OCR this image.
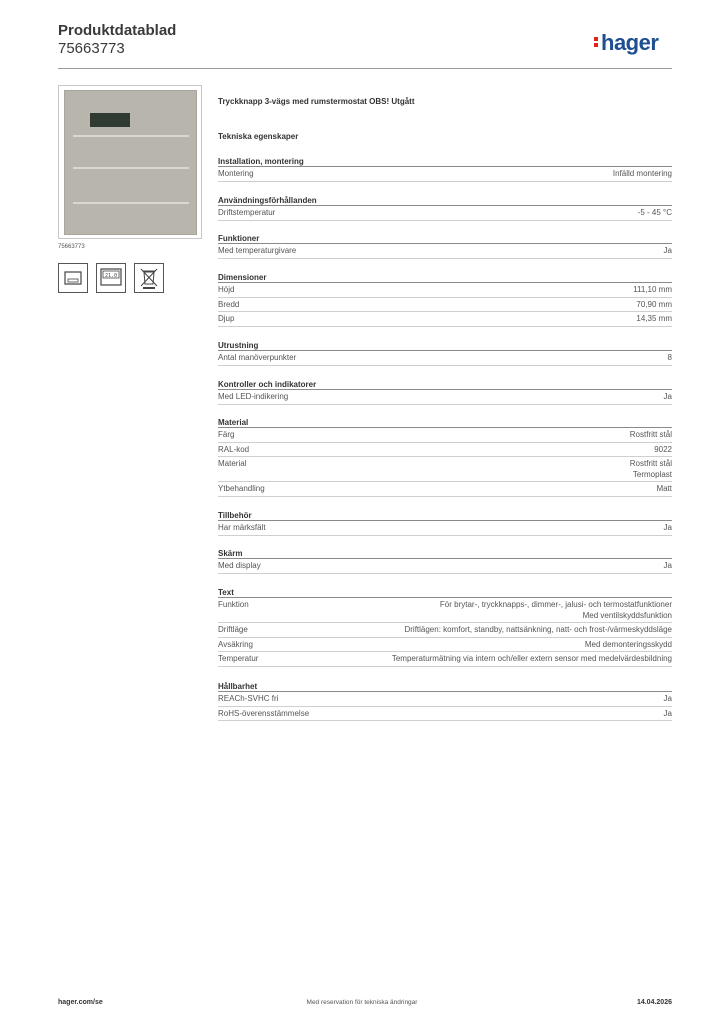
Produktdatablad
75663773	hager
75663773
21.0
Tryckknapp 3-vägs med rumstermostat OBS! Utgått
Tekniska egenskaper
Installation, montering
Montering	Infälld montering
Användningsförhållanden
Driftstemperatur	-5 - 45 °C
Funktioner
Med temperaturgivare	Ja
Dimensioner
Höjd	111,10 mm
Bredd	70,90 mm
Djup	14,35 mm
Utrustning
Antal manöverpunkter	8
Kontroller och indikatorer
Med LED-indikering	Ja
Material
Färg	Rostfritt stål
RAL-kod	9022
Material	Rostfritt stål
Termoplast
Ytbehandling	Matt
Tillbehör
Har märksfält	Ja
Skärm
Med display	Ja
Text
Funktion	För brytar-, tryckknapps-, dimmer-, jalusi- och termostatfunktioner
Med ventilskyddsfunktion
Driftläge	Driftlägen: komfort, standby, nattsänkning, natt- och frost-/värmeskyddsläge
Avsäkring	Med demonteringsskydd
Temperatur	Temperaturmätning via intern och/eller extern sensor med medelvärdesbildning
Hållbarhet
REACh-SVHC fri	Ja
RoHS-överensstämmelse	Ja
hager.com/se	Med reservation för tekniska ändringar	14.04.2026
